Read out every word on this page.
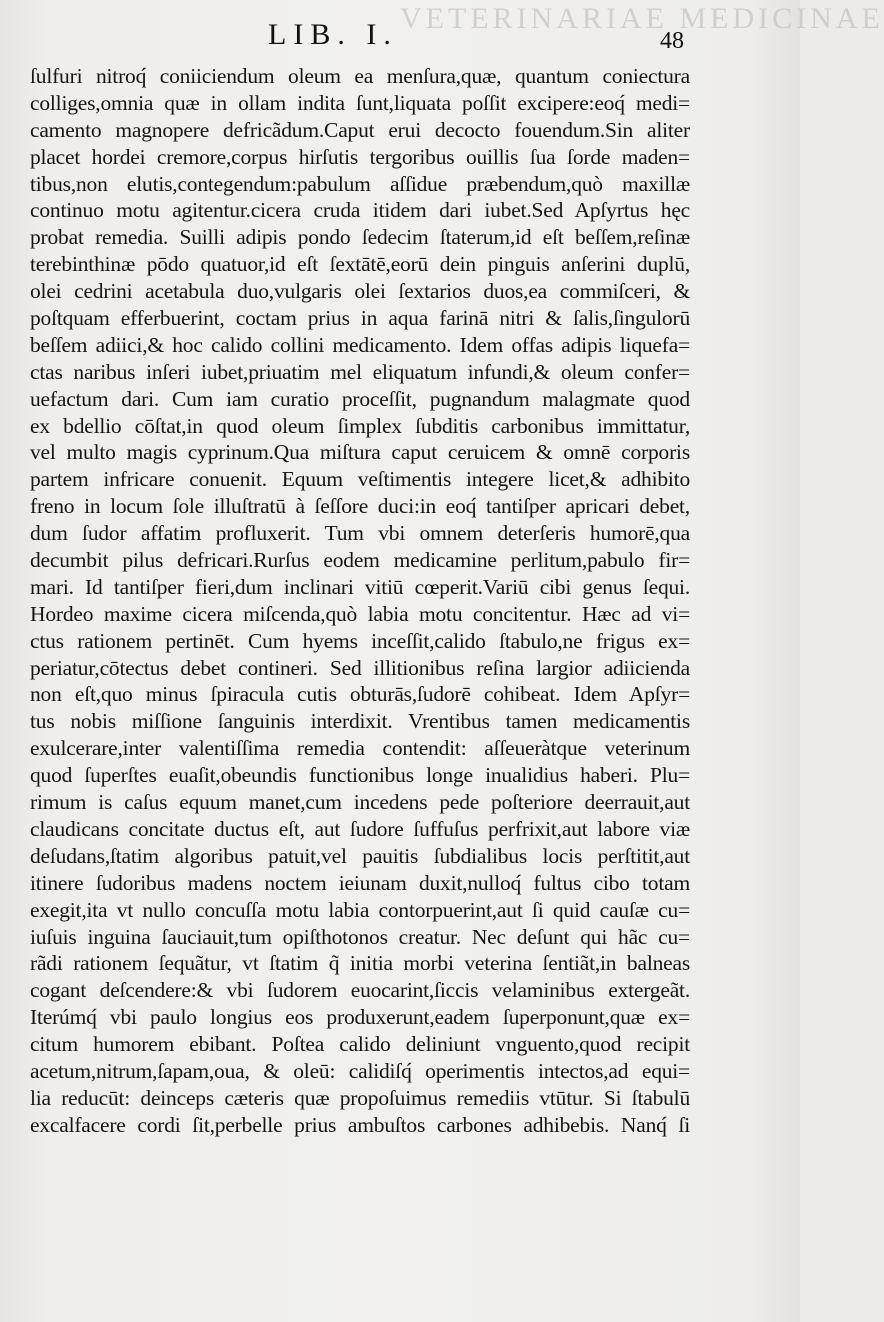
VETERINARIAE MEDICINAE
LIB. I.	48
ſulfuri nitroq́ coniiciendum oleum ea menſura,quæ, quantum coniectura
colliges,omnia quæ in ollam indita ſunt,liquata poſſit excipere:eoq́ medi=
camento magnopere defricãdum.Caput erui decocto fouendum.Sin aliter
placet hordei cremore,corpus hirſutis tergoribus ouillis ſua ſorde maden=
tibus,non elutis,contegendum:pabulum aſſidue præbendum,quò maxillæ
continuo motu agitentur.cicera cruda itidem dari iubet.Sed Apſyrtus hęc
probat remedia. Suilli adipis pondo ſedecim ſtaterum,id eſt beſſem,reſinæ
terebinthinæ pōdo quatuor,id eſt ſextātē,eorū dein pinguis anſerini duplū,
olei cedrini acetabula duo,vulgaris olei ſextarios duos,ea commiſceri, &
poſtquam efferbuerint, coctam prius in aqua farinā nitri & ſalis,ſingulorū
beſſem adiici,& hoc calido collini medicamento. Idem offas adipis liquefa=
ctas naribus inſeri iubet,priuatim mel eliquatum infundi,& oleum confer=
uefactum dari. Cum iam curatio proceſſit, pugnandum malagmate quod
ex bdellio cōſtat,in quod oleum ſimplex ſubditis carbonibus immittatur,
vel multo magis cyprinum.Qua miſtura caput ceruicem & omnē corporis
partem infricare conuenit. Equum veſtimentis integere licet,& adhibito
freno in locum ſole illuſtratū à ſeſſore duci:in eoq́ tantiſper apricari debet,
dum ſudor affatim profluxerit. Tum vbi omnem deterſeris humorē,qua
decumbit pilus defricari.Rurſus eodem medicamine perlitum,pabulo fir=
mari. Id tantiſper fieri,dum inclinari vitiū cœperit.Variū cibi genus ſequi.
Hordeo maxime cicera miſcenda,quò labia motu concitentur. Hæc ad vi=
ctus rationem pertinēt. Cum hyems inceſſit,calido ſtabulo,ne frigus ex=
periatur,cōtectus debet contineri. Sed illitionibus reſina largior adiicienda
non eſt,quo minus ſpiracula cutis obturās,ſudorē cohibeat. Idem Apſyr=
tus nobis miſſione ſanguinis interdixit. Vrentibus tamen medicamentis
exulcerare,inter valentiſſima remedia contendit: aſſeueràtque veterinum
quod ſuperſtes euaſit,obeundis functionibus longe inualidius haberi. Plu=
rimum is caſus equum manet,cum incedens pede poſteriore deerrauit,aut
claudicans concitate ductus eſt, aut ſudore ſuffuſus perfrixit,aut labore viæ
deſudans,ſtatim algoribus patuit,vel pauitis ſubdialibus locis perſtitit,aut
itinere ſudoribus madens noctem ieiunam duxit,nulloq́ fultus cibo totam
exegit,ita vt nullo concuſſa motu labia contorpuerint,aut ſi quid cauſæ cu=
iuſuis inguina ſauciauit,tum opiſthotonos creatur. Nec deſunt qui hãc cu=
rãdi rationem ſequãtur, vt ſtatim q̃ initia morbi veterina ſentiãt,in balneas
cogant deſcendere:& vbi ſudorem euocarint,ſiccis velaminibus extergeãt.
Iterúmq́ vbi paulo longius eos produxerunt,eadem ſuperponunt,quæ ex=
citum humorem ebibant. Poſtea calido deliniunt vnguento,quod recipit
acetum,nitrum,ſapam,oua, & oleū: calidiſq́ operimentis intectos,ad equi=
lia reducūt: deinceps cæteris quæ propoſuimus remediis vtūtur. Si ſtabulū
excalfacere cordi ſit,perbelle prius ambuſtos carbones adhibebis. Nanq́ ſi
